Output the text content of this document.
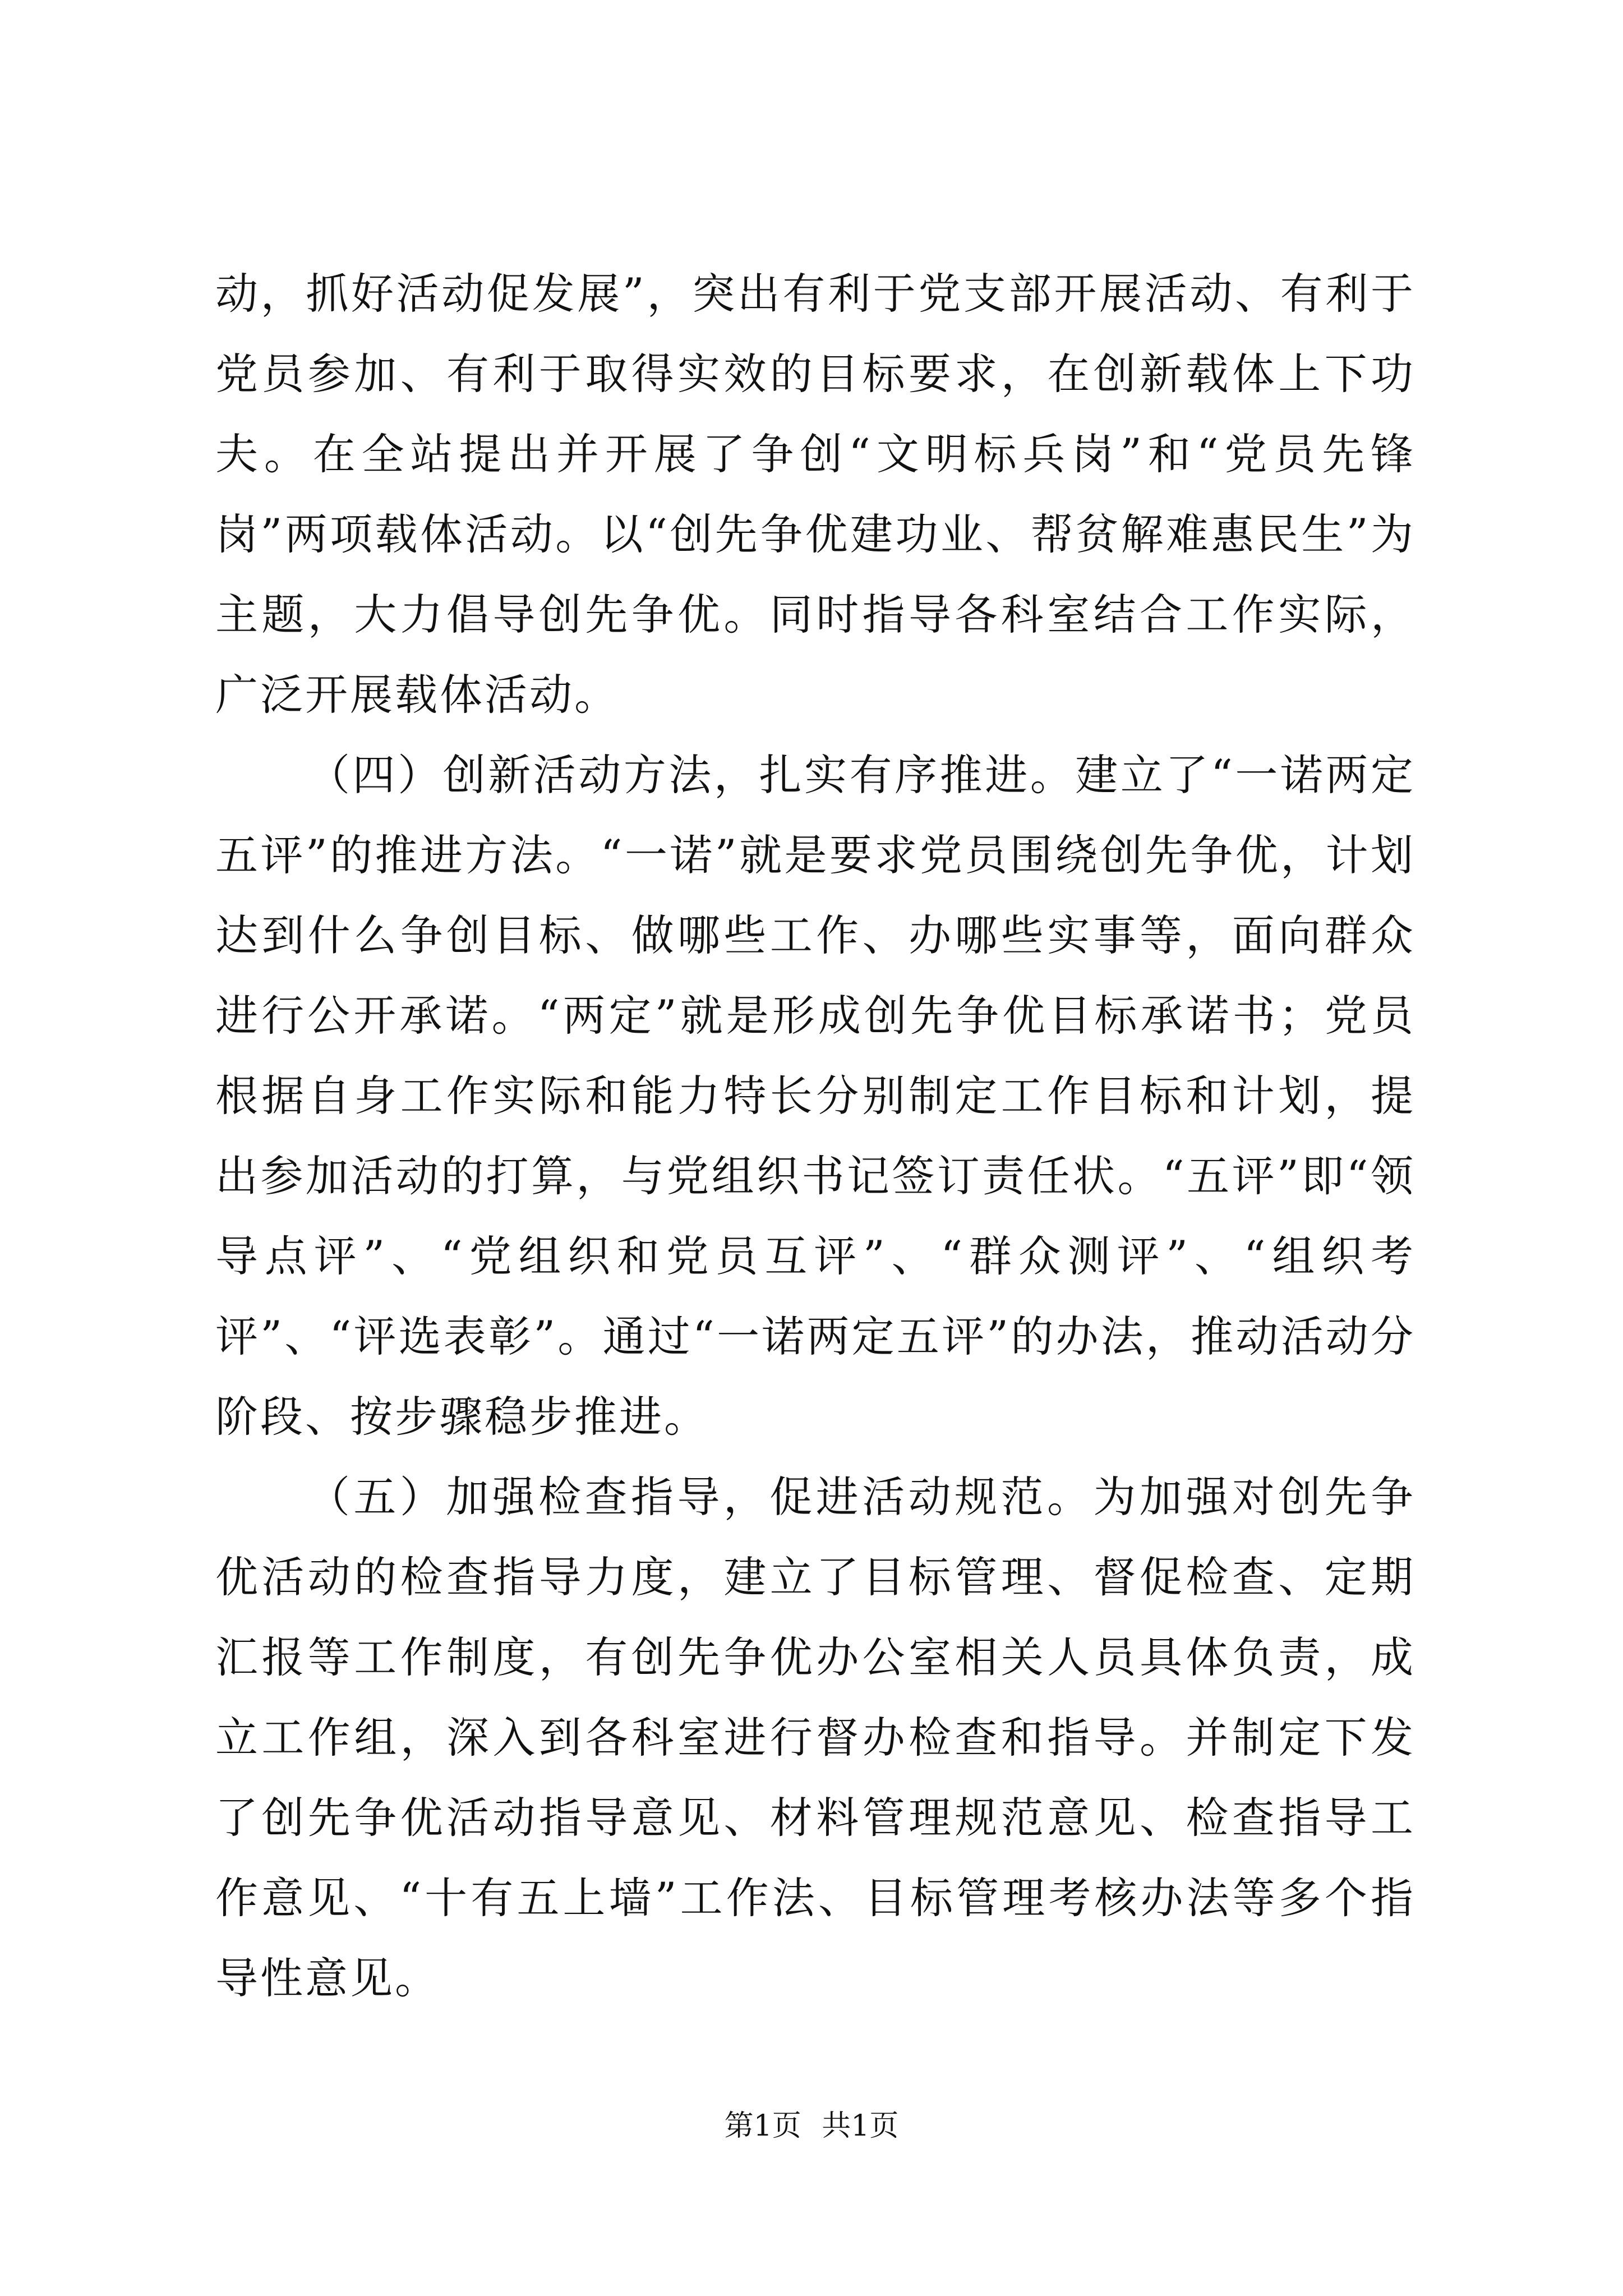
动，抓好活动促发展”，突出有利于党支部开展活动、有利于党员参加、有利于取得实效的目标要求，在创新载体上下功夫。在全站提出并开展了争创“文明标兵岗”和“党员先锋岗”两项载体活动。以“创先争优建功业、帮贫解难惠民生”为主题，大力倡导创先争优。同时指导各科室结合工作实际，广泛开展载体活动。

（四）创新活动方法，扎实有序推进。建立了“一诺两定五评”的推进方法。“一诺”就是要求党员围绕创先争优，计划达到什么争创目标、做哪些工作、办哪些实事等，面向群众进行公开承诺。“两定”就是形成创先争优目标承诺书；党员根据自身工作实际和能力特长分别制定工作目标和计划，提出参加活动的打算，与党组织书记签订责任状。“五评”即“领导点评”、“党组织和党员互评”、“群众测评”、“组织考评”、“评选表彰”。通过“一诺两定五评”的办法，推动活动分阶段、按步骤稳步推进。

（五）加强检查指导，促进活动规范。为加强对创先争优活动的检查指导力度，建立了目标管理、督促检查、定期汇报等工作制度，有创先争优办公室相关人员具体负责，成立工作组，深入到各科室进行督办检查和指导。并制定下发了创先争优活动指导意见、材料管理规范意见、检查指导工作意见、“十有五上墙”工作法、目标管理考核办法等多个指导性意见。

第1页 共1页
